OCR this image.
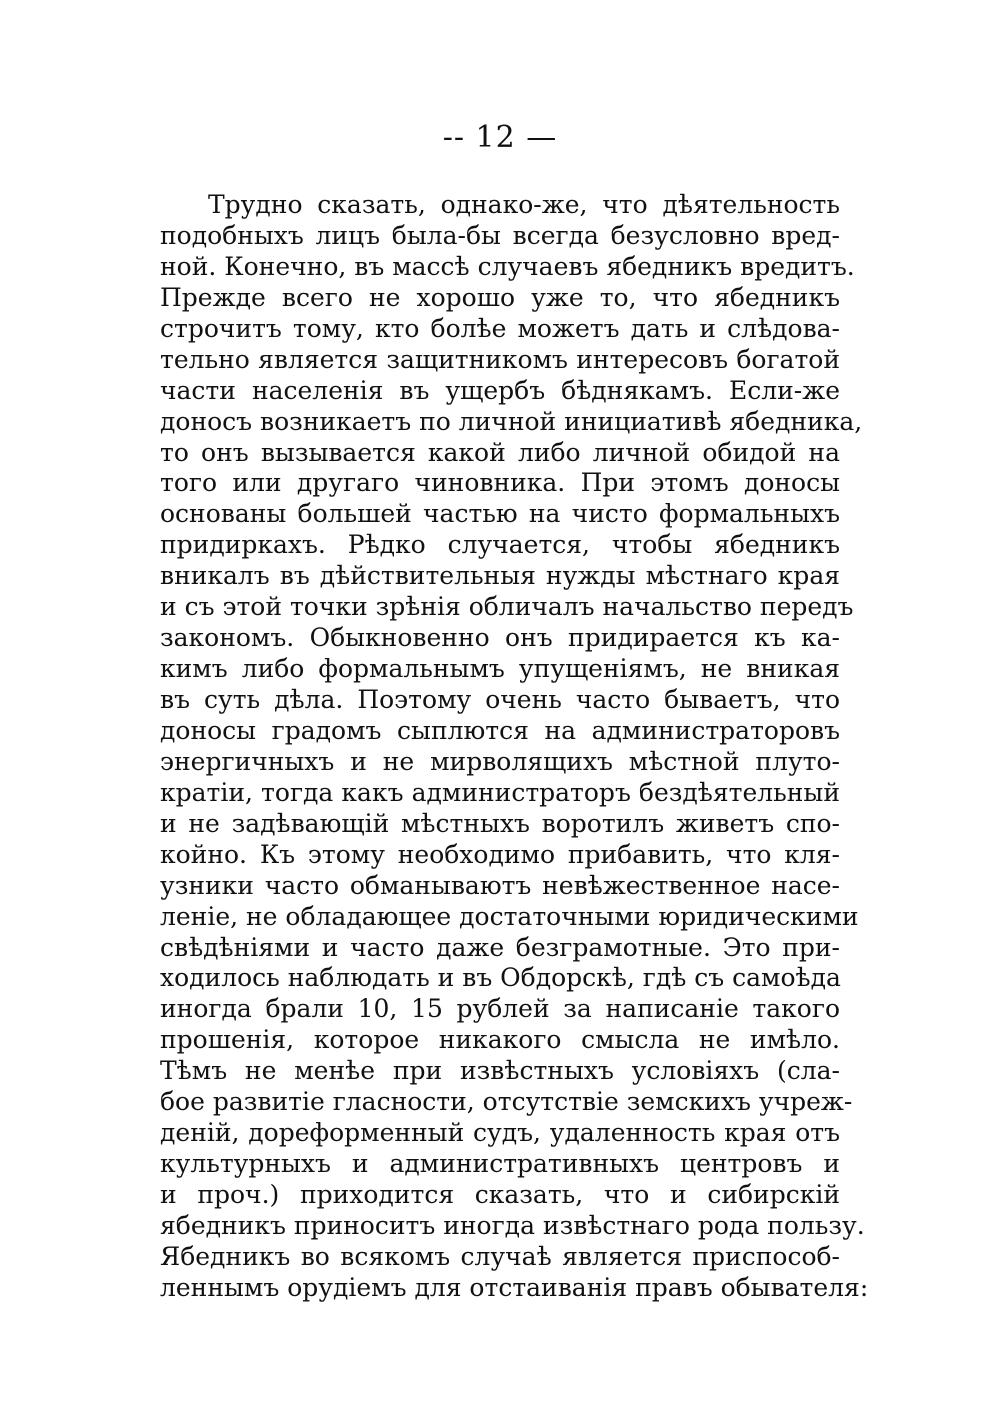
-- 12 —
Трудно сказать, однако-же, что дѣятельность
подобныхъ лицъ была-бы всегда безусловно вред-
ной. Конечно, въ массѣ случаевъ ябедникъ вредитъ.
Прежде всего не хорошо уже то, что ябедникъ
строчитъ тому, кто болѣе можетъ дать и слѣдова-
тельно является защитникомъ интересовъ богатой
части населенія въ ущербъ бѣднякамъ. Если-же
доносъ возникаетъ по личной инициативѣ ябедника,
то онъ вызывается какой либо личной обидой на
того или другаго чиновника. При этомъ доносы
основаны большей частью на чисто формальныхъ
придиркахъ. Рѣдко случается, чтобы ябедникъ
вникалъ въ дѣйствительныя нужды мѣстнаго края
и съ этой точки зрѣнія обличалъ начальство передъ
закономъ. Обыкновенно онъ придирается къ ка-
кимъ либо формальнымъ упущеніямъ, не вникая
въ суть дѣла. Поэтому очень часто бываетъ, что
доносы градомъ сыплются на администраторовъ
энергичныхъ и не мирволящихъ мѣстной плуто-
кратіи, тогда какъ администраторъ бездѣятельный
и не задѣвающій мѣстныхъ воротилъ живетъ спо-
койно. Къ этому необходимо прибавить, что кля-
узники часто обманываютъ невѣжественное насе-
леніе, не обладающее достаточными юридическими
свѣдѣніями и часто даже безграмотные. Это при-
ходилось наблюдать и въ Обдорскѣ, гдѣ съ самоѣда
иногда брали 10, 15 рублей за написаніе такого
прошенія, которое никакого смысла не имѣло.
Тѣмъ не менѣе при извѣстныхъ условіяхъ (сла-
бое развитіе гласности, отсутствіе земскихъ учреж-
деній, дореформенный судъ, удаленность края отъ
культурныхъ и административныхъ центровъ и
и проч.) приходится сказать, что и сибирскій
ябедникъ приноситъ иногда извѣстнаго рода пользу.
Ябедникъ во всякомъ случаѣ является приспособ-
леннымъ орудіемъ для отстаиванія правъ обывателя:
